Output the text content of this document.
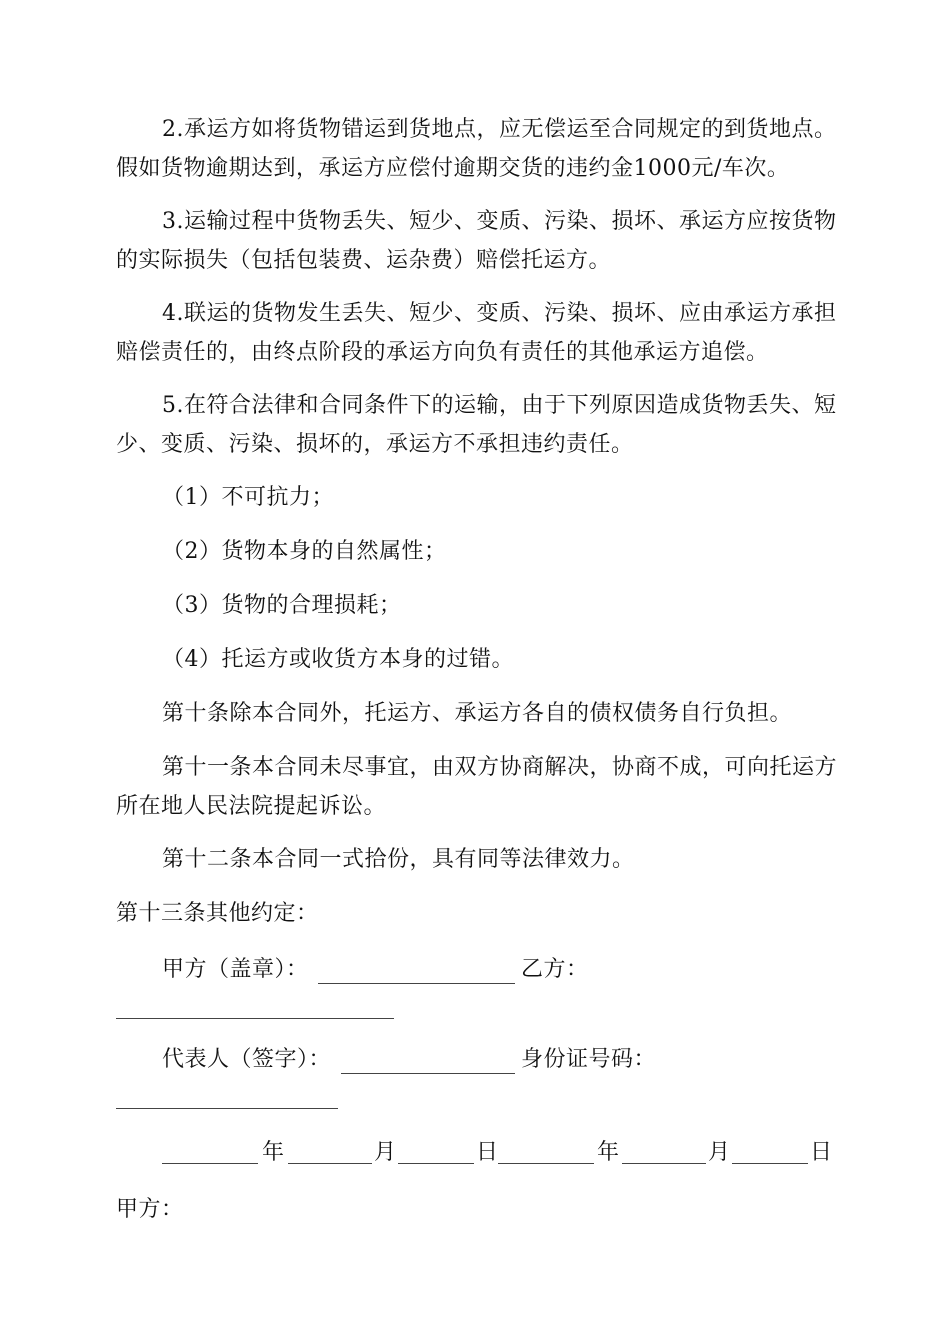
2.承运方如将货物错运到货地点，应无偿运至合同规定的到货地点。
假如货物逾期达到，承运方应偿付逾期交货的违约金1000元/车次。
3.运输过程中货物丢失、短少、变质、污染、损坏、承运方应按货物
的实际损失（包括包装费、运杂费）赔偿托运方。
4.联运的货物发生丢失、短少、变质、污染、损坏、应由承运方承担
赔偿责任的，由终点阶段的承运方向负有责任的其他承运方追偿。
5.在符合法律和合同条件下的运输，由于下列原因造成货物丢失、短
少、变质、污染、损坏的，承运方不承担违约责任。
（1）不可抗力；
（2）货物本身的自然属性；
（3）货物的合理损耗；
（4）托运方或收货方本身的过错。
第十条除本合同外，托运方、承运方各自的债权债务自行负担。
第十一条本合同未尽事宜，由双方协商解决，协商不成，可向托运方
所在地人民法院提起诉讼。
第十二条本合同一式拾份，具有同等法律效力。
第十三条其他约定：
甲方（盖章）：	乙方：
代表人（签字）：	身份证号码：
年	月	日	年	月	日
甲方：
